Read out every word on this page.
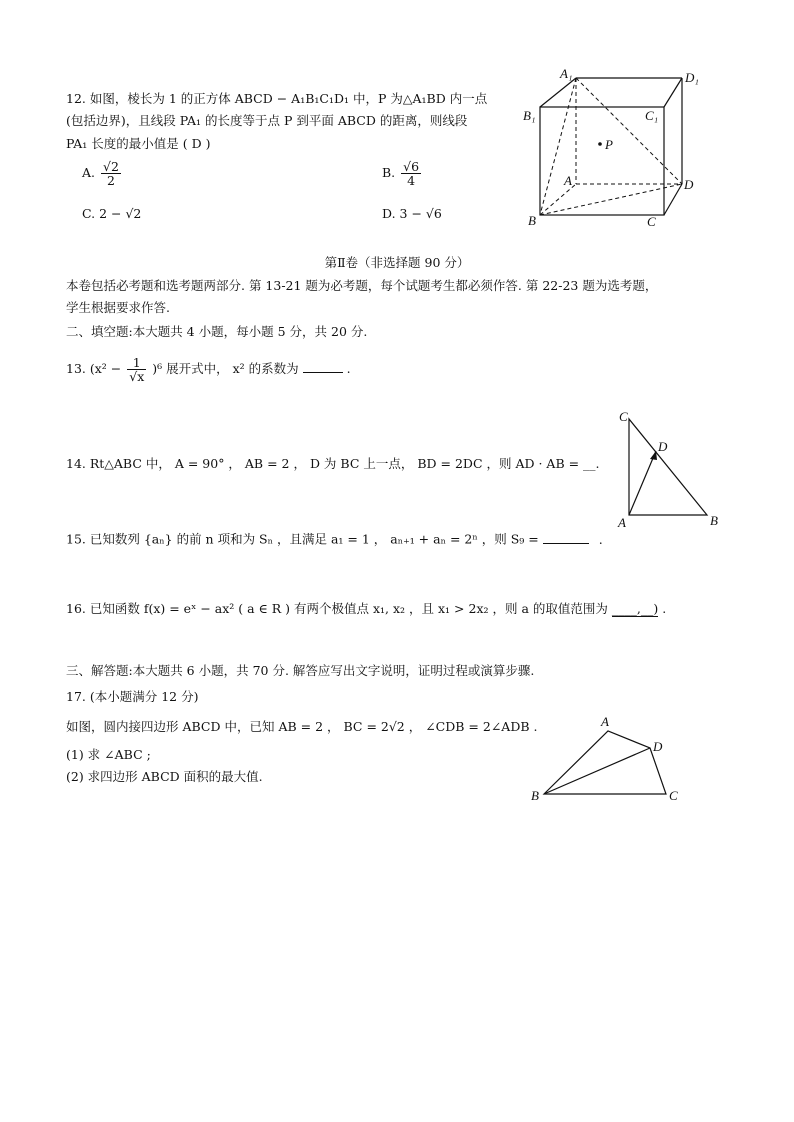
12. 如图，棱长为 1 的正方体 ABCD − A₁B₁C₁D₁ 中，P 为△A₁BD 内一点
(包括边界)，且线段 PA₁ 的长度等于点 P 到平面 ABCD 的距离，则线段
PA₁ 长度的最小值是 ( D )
A. $\frac{√2}{2}$	B. $\frac{√6}{4}$
C. 2 − √2	D. 3 − √6
A₁	D₁
B₁	C₁
P
A	D
B	C
第Ⅱ卷（非选择题 90 分）
本卷包括必考题和选考题两部分. 第 13-21 题为必考题，每个试题考生都必须作答. 第 22-23 题为选考题，
学生根据要求作答.
二、填空题:本大题共 4 小题，每小题 5 分，共 20 分.
13. $(x^2 - \frac{1}{√x} )^6$ 展开式中， x² 的系数为	.
14. Rt△ABC 中， A = 90° ， AB = 2 ， D 为 BC 上一点， BD = 2DC ，则 AD · AB = __.
C
D
A	B
15. 已知数列 {aₙ} 的前 n 项和为 Sₙ ，且满足 a₁ = 1 ， aₙ₊₁ + aₙ = 2ⁿ ，则 S₉ =	.
16. 已知函数 f(x) = eˣ − ax² ( a ∈ R ) 有两个极值点 x₁, x₂ ，且 x₁ > 2x₂ ，则 a 的取值范围为 ____,__) .
三、解答题:本大题共 6 小题，共 70 分. 解答应写出文字说明，证明过程或演算步骤.
17. (本小题满分 12 分)
如图，圆内接四边形 ABCD 中，已知 AB = 2 ， BC = 2√2 ， ∠CDB = 2∠ADB .
(1) 求 ∠ABC ;
(2) 求四边形 ABCD 面积的最大值.
A
D
B	C
